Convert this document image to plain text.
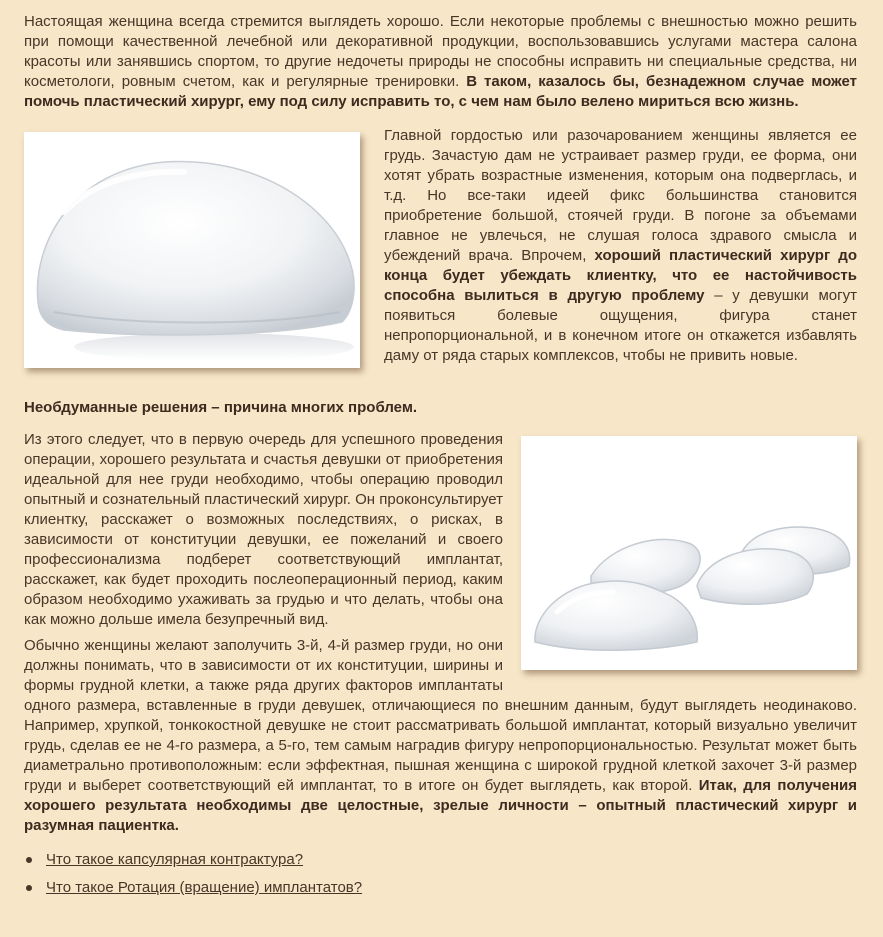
Настоящая женщина всегда стремится выглядеть хорошо. Если некоторые проблемы с внешностью можно решить при помощи качественной лечебной или декоративной продукции, воспользовавшись услугами мастера салона красоты или занявшись спортом, то другие недочеты природы не способны исправить ни специальные средства, ни косметологи, ровным счетом, как и регулярные тренировки. В таком, казалось бы, безнадежном случае может помочь пластический хирург, ему под силу исправить то, с чем нам было велено мириться всю жизнь.

Главной гордостью или разочарованием женщины является ее грудь. Зачастую дам не устраивает размер груди, ее форма, они хотят убрать возрастные изменения, которым она подверглась, и т.д. Но все-таки идеей фикс большинства становится приобретение большой, стоячей груди. В погоне за объемами главное не увлечься, не слушая голоса здравого смысла и убеждений врача. Впрочем, хороший пластический хирург до конца будет убеждать клиентку, что ее настойчивость способна вылиться в другую проблему – у девушки могут появиться болевые ощущения, фигура станет непропорциональной, и в конечном итоге он откажется избавлять даму от ряда старых комплексов, чтобы не привить новые.

Необдуманные решения – причина многих проблем.

Из этого следует, что в первую очередь для успешного проведения операции, хорошего результата и счастья девушки от приобретения идеальной для нее груди необходимо, чтобы операцию проводил опытный и сознательный пластический хирург. Он проконсультирует клиентку, расскажет о возможных последствиях, о рисках, в зависимости от конституции девушки, ее пожеланий и своего профессионализма подберет соответствующий имплантат, расскажет, как будет проходить послеоперационный период, каким образом необходимо ухаживать за грудью и что делать, чтобы она как можно дольше имела безупречный вид.

Обычно женщины желают заполучить 3-й, 4-й размер груди, но они должны понимать, что в зависимости от их конституции, ширины и формы грудной клетки, а также ряда других факторов имплантаты одного размера, вставленные в груди девушек, отличающиеся по внешним данным, будут выглядеть неодинаково. Например, хрупкой, тонкокостной девушке не стоит рассматривать большой имплантат, который визуально увеличит грудь, сделав ее не 4-го размера, а 5-го, тем самым наградив фигуру непропорциональностью. Результат может быть диаметрально противоположным: если эффектная, пышная женщина с широкой грудной клеткой захочет 3-й размер груди и выберет соответствующий ей имплантат, то в итоге он будет выглядеть, как второй. Итак, для получения хорошего результата необходимы две целостные, зрелые личности – опытный пластический хирург и разумная пациентка.

Что такое капсулярная контрактура?
Что такое Ротация (вращение) имплантатов?
